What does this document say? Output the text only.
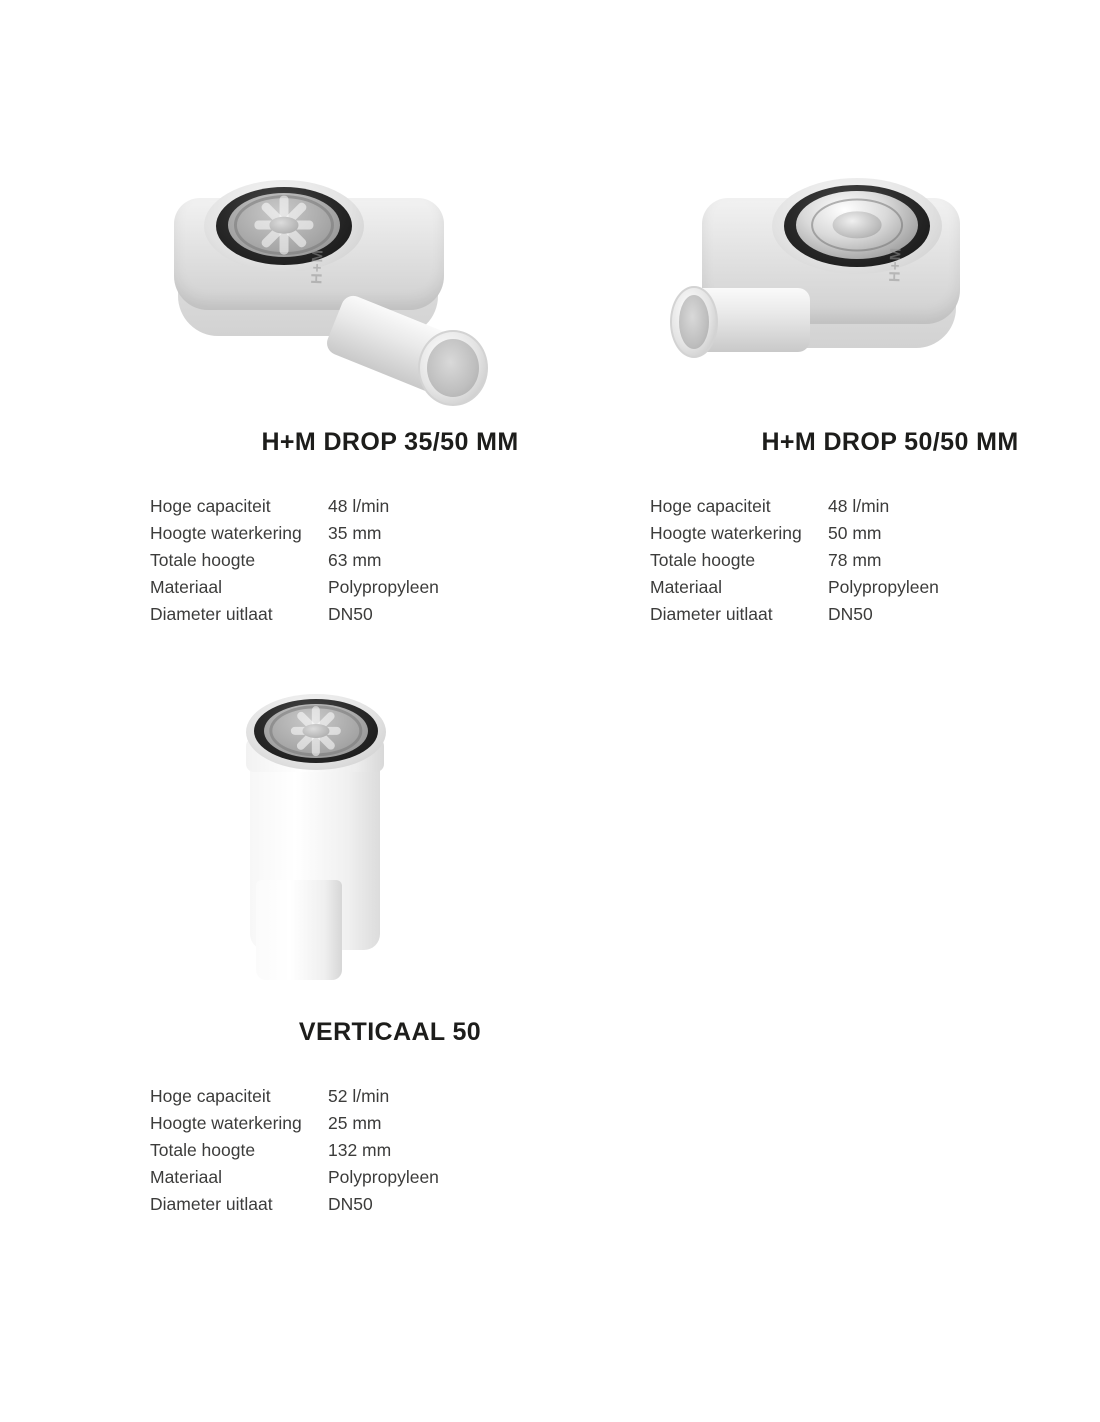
H+M
H+M DROP 35/50 MM
Hoge capaciteit	48 l/min
Hoogte waterkering	35 mm
Totale hoogte	63 mm
Materiaal	Polypropyleen
Diameter uitlaat	DN50
H+M
H+M DROP 50/50 MM
Hoge capaciteit	48 l/min
Hoogte waterkering	50 mm
Totale hoogte	78 mm
Materiaal	Polypropyleen
Diameter uitlaat	DN50
VERTICAAL 50
Hoge capaciteit	52 l/min
Hoogte waterkering	25 mm
Totale hoogte	132 mm
Materiaal	Polypropyleen
Diameter uitlaat	DN50
